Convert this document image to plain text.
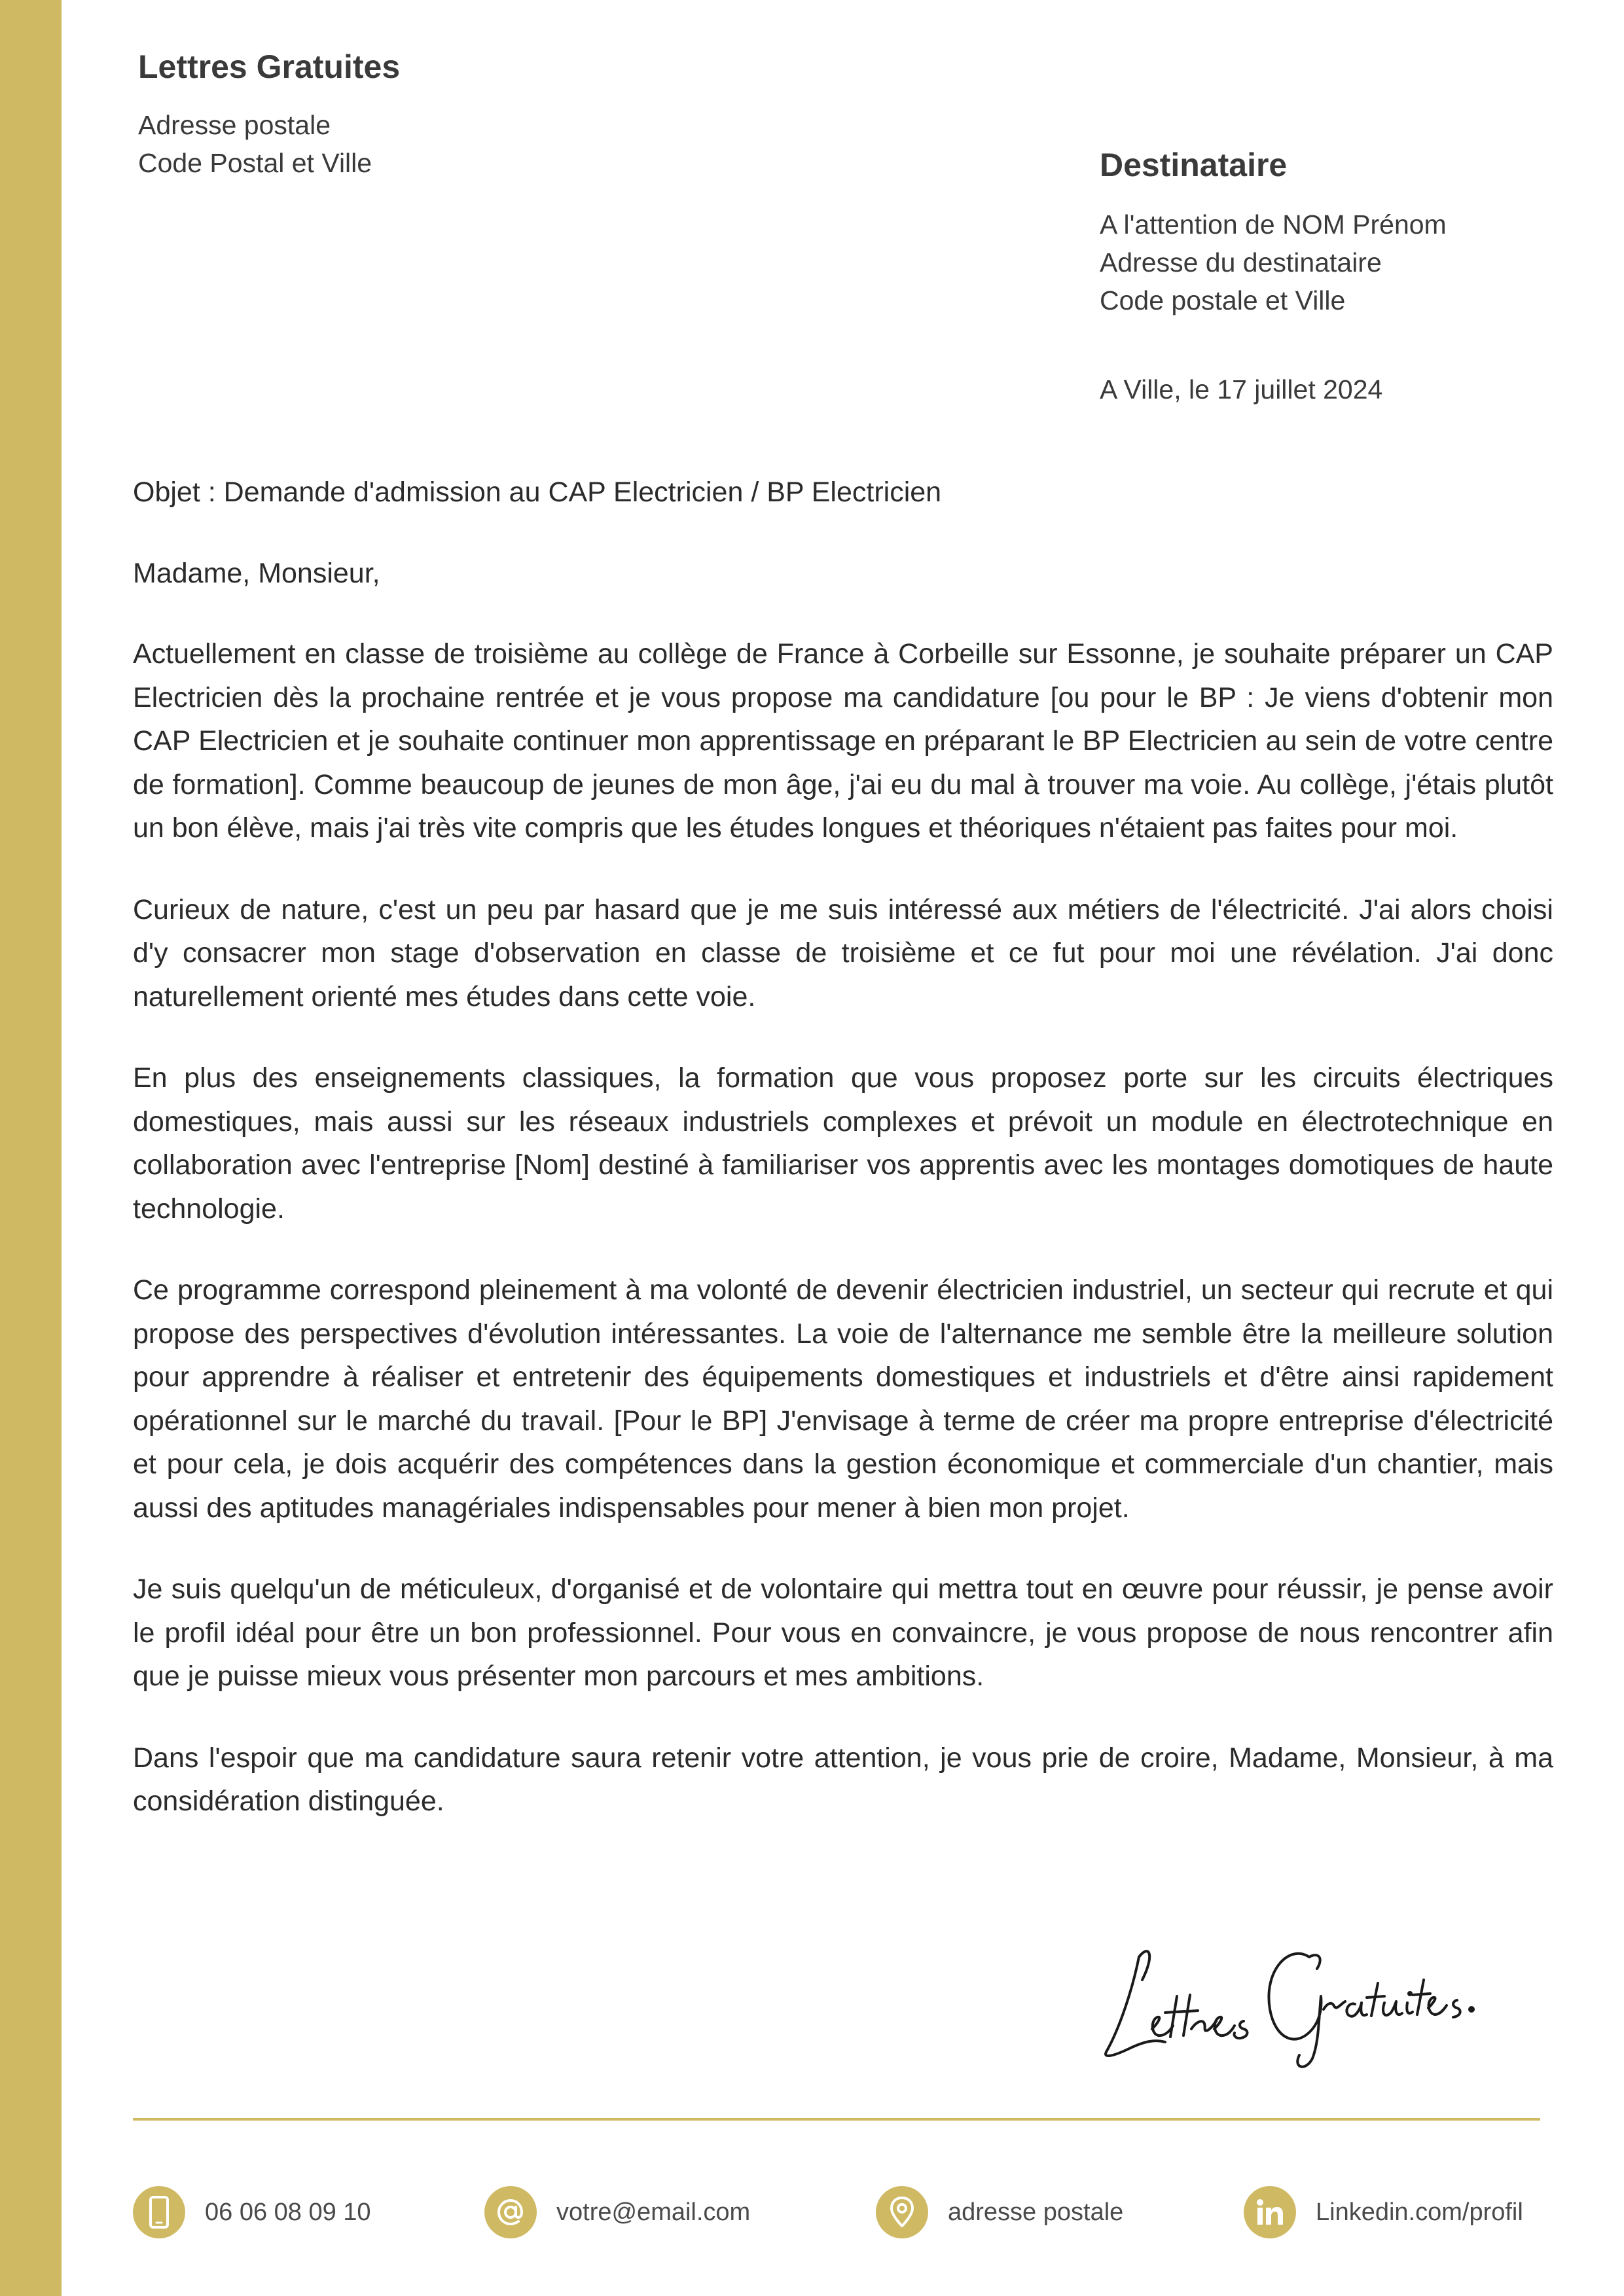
Lettres Gratuites
Adresse postale
Code Postal et Ville	Destinataire
A l'attention de NOM Prénom
Adresse du destinataire
Code postale et Ville
A Ville, le 17 juillet 2024
Objet : Demande d'admission au CAP Electricien / BP Electricien
Madame, Monsieur,

Actuellement en classe de troisième au collège de France à Corbeille sur Essonne, je souhaite préparer un CAP Electricien dès la prochaine rentrée et je vous propose ma candidature [ou pour le BP : Je viens d'obtenir mon CAP Electricien et je souhaite continuer mon apprentissage en préparant le BP Electricien au sein de votre centre de formation]. Comme beaucoup de jeunes de mon âge, j'ai eu du mal à trouver ma voie. Au collège, j'étais plutôt un bon élève, mais j'ai très vite compris que les études longues et théoriques n'étaient pas faites pour moi.

Curieux de nature, c'est un peu par hasard que je me suis intéressé aux métiers de l'électricité. J'ai alors choisi d'y consacrer mon stage d'observation en classe de troisième et ce fut pour moi une révélation. J'ai donc naturellement orienté mes études dans cette voie.

En plus des enseignements classiques, la formation que vous proposez porte sur les circuits électriques domestiques, mais aussi sur les réseaux industriels complexes et prévoit un module en électrotechnique en collaboration avec l'entreprise [Nom] destiné à familiariser vos apprentis avec les montages domotiques de haute technologie.

Ce programme correspond pleinement à ma volonté de devenir électricien industriel, un secteur qui recrute et qui propose des perspectives d'évolution intéressantes. La voie de l'alternance me semble être la meilleure solution pour apprendre à réaliser et entretenir des équipements domestiques et industriels et d'être ainsi rapidement opérationnel sur le marché du travail. [Pour le BP] J'envisage à terme de créer ma propre entreprise d'électricité et pour cela, je dois acquérir des compétences dans la gestion économique et commerciale d'un chantier, mais aussi des aptitudes managériales indispensables pour mener à bien mon projet.

Je suis quelqu'un de méticuleux, d'organisé et de volontaire qui mettra tout en œuvre pour réussir, je pense avoir le profil idéal pour être un bon professionnel. Pour vous en convaincre, je vous propose de nous rencontrer afin que je puisse mieux vous présenter mon parcours et mes ambitions.

Dans l'espoir que ma candidature saura retenir votre attention, je vous prie de croire, Madame, Monsieur, à ma considération distinguée.

06 06 08 09 10	votre@email.com	adresse postale	Linkedin.com/profil
